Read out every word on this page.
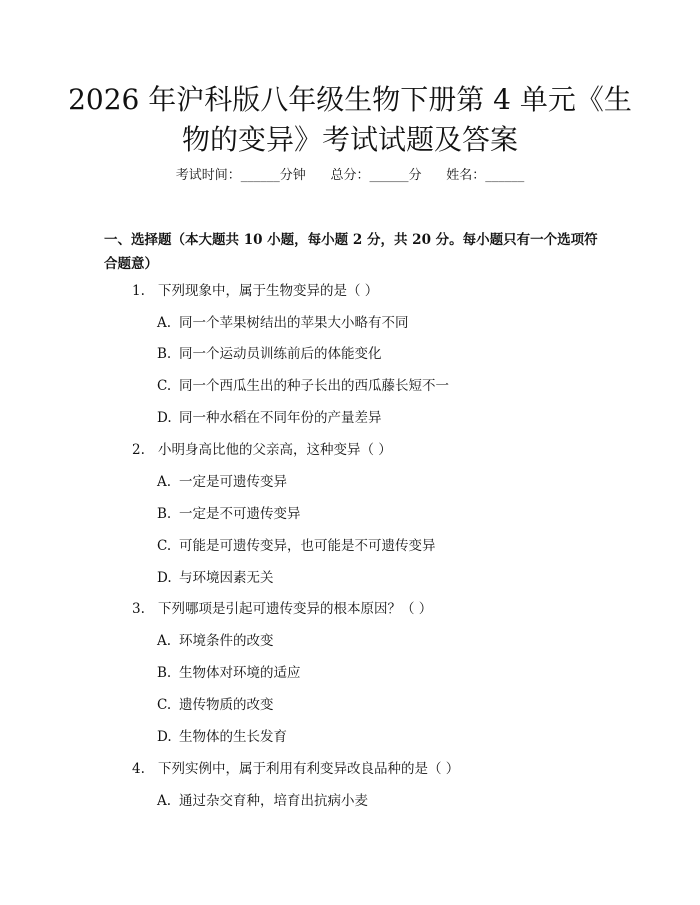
2026 年沪科版八年级生物下册第 4 单元《生物的变异》考试试题及答案
考试时间：______分钟      总分：______分      姓名：______
一、选择题（本大题共 10 小题，每小题 2 分，共 20 分。每小题只有一个选项符合题意）
1. 下列现象中，属于生物变异的是（ ）
A. 同一个苹果树结出的苹果大小略有不同
B. 同一个运动员训练前后的体能变化
C. 同一个西瓜生出的种子长出的西瓜藤长短不一
D. 同一种水稻在不同年份的产量差异
2. 小明身高比他的父亲高，这种变异（ ）
A. 一定是可遗传变异
B. 一定是不可遗传变异
C. 可能是可遗传变异，也可能是不可遗传变异
D. 与环境因素无关
3. 下列哪项是引起可遗传变异的根本原因？（ ）
A. 环境条件的改变
B. 生物体对环境的适应
C. 遗传物质的改变
D. 生物体的生长发育
4. 下列实例中，属于利用有利变异改良品种的是（ ）
A. 通过杂交育种，培育出抗病小麦
